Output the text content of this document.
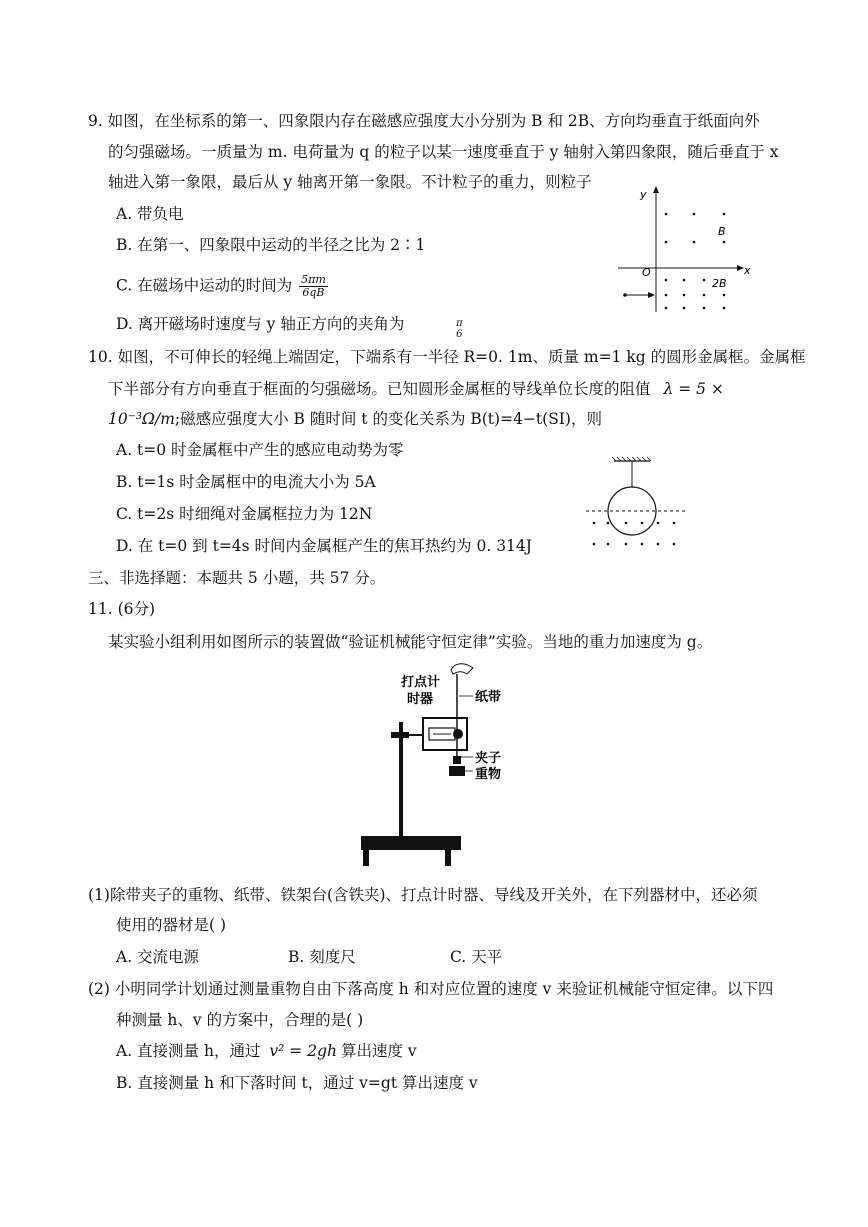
9. 如图，在坐标系的第一、四象限内存在磁感应强度大小分别为 B 和 2B、方向均垂直于纸面向外
的匀强磁场。一质量为 m. 电荷量为 q 的粒子以某一速度垂直于 y 轴射入第四象限，随后垂直于 x
轴进入第一象限，最后从 y 轴离开第一象限。不计粒子的重力，则粒子
A. 带负电
B. 在第一、四象限中运动的半径之比为 2∶1
C. 在磁场中运动的时间为 $\frac{5\pi m}{6qB}$
D. 离开磁场时速度与 y 轴正方向的夹角为	π
6
y
x
O
B
2B
10. 如图，不可伸长的轻绳上端固定，下端系有一半径 R=0. 1m、质量 m=1 kg 的圆形金属框。金属框
下半部分有方向垂直于框面的匀强磁场。已知圆形金属框的导线单位长度的阻值 λ = 5 ×
10⁻³Ω/m;磁感应强度大小 B 随时间 t 的变化关系为 B(t)=4−t(SI)，则
A. t=0 时金属框中产生的感应电动势为零
B. t=1s 时金属框中的电流大小为 5A
C. t=2s 时细绳对金属框拉力为 12N
D. 在 t=0 到 t=4s 时间内金属框产生的焦耳热约为 0. 314J
三、非选择题：本题共 5 小题，共 57 分。
11. (6分)
某实验小组利用如图所示的装置做“验证机械能守恒定律”实验。当地的重力加速度为 g。
打点计
时器	纸带
夹子
重物
(1)除带夹子的重物、纸带、铁架台(含铁夹)、打点计时器、导线及开关外，在下列器材中，还必须
使用的器材是( )
A. 交流电源	B. 刻度尺	C. 天平
(2) 小明同学计划通过测量重物自由下落高度 h 和对应位置的速度 v 来验证机械能守恒定律。以下四
种测量 h、v 的方案中，合理的是( )
A. 直接测量 h，通过 v² = 2gh 算出速度 v
B. 直接测量 h 和下落时间 t，通过 v=gt 算出速度 v
